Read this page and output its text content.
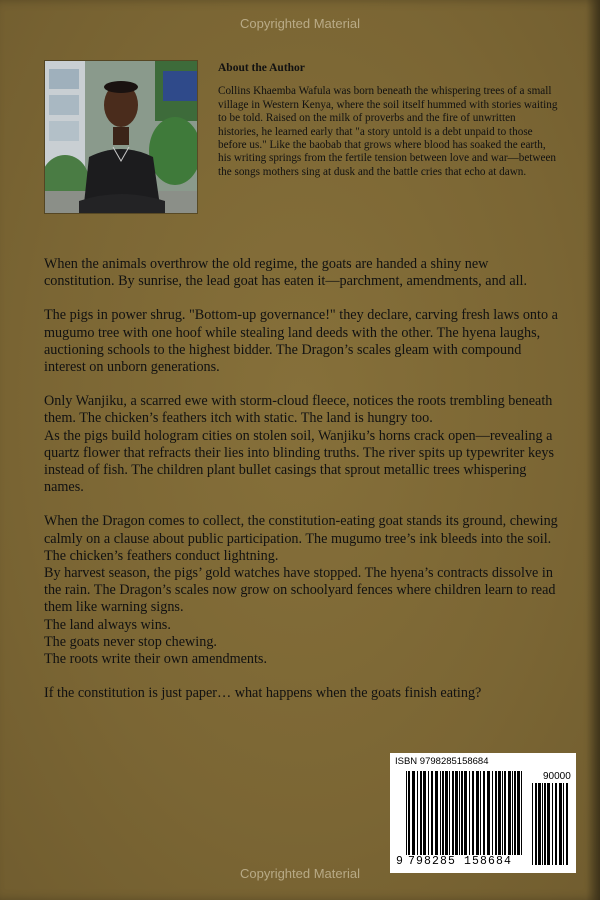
Copyrighted Material
About the Author
Collins Khaemba Wafula was born beneath the whispering trees of a small village in Western Kenya, where the soil itself hummed with stories waiting to be told. Raised on the milk of proverbs and the fire of unwritten histories, he learned early that "a story untold is a debt unpaid to those before us." Like the baobab that grows where blood has soaked the earth, his writing springs from the fertile tension between love and war—between the songs mothers sing at dusk and the battle cries that echo at dawn.

When the animals overthrow the old regime, the goats are handed a shiny new constitution. By sunrise, the lead goat has eaten it—parchment, amendments, and all.

The pigs in power shrug. "Bottom-up governance!" they declare, carving fresh laws onto a mugumo tree with one hoof while stealing land deeds with the other. The hyena laughs, auctioning schools to the highest bidder. The Dragon’s scales gleam with compound interest on unborn generations.

Only Wanjiku, a scarred ewe with storm-cloud fleece, notices the roots trembling beneath them. The chicken’s feathers itch with static. The land is hungry too.
As the pigs build hologram cities on stolen soil, Wanjiku’s horns crack open—revealing a quartz flower that refracts their lies into blinding truths. The river spits up typewriter keys instead of fish. The children plant bullet casings that sprout metallic trees whispering names.

When the Dragon comes to collect, the constitution-eating goat stands its ground, chewing calmly on a clause about public participation. The mugumo tree’s ink bleeds into the soil. The chicken’s feathers conduct lightning.
By harvest season, the pigs’ gold watches have stopped. The hyena’s contracts dissolve in the rain. The Dragon’s scales now grow on schoolyard fences where children learn to read them like warning signs.
The land always wins.
The goats never stop chewing.
The roots write their own amendments.

If the constitution is just paper… what happens when the goats finish eating?

ISBN 9798285158684
90000
9 798285 158684
Copyrighted Material
